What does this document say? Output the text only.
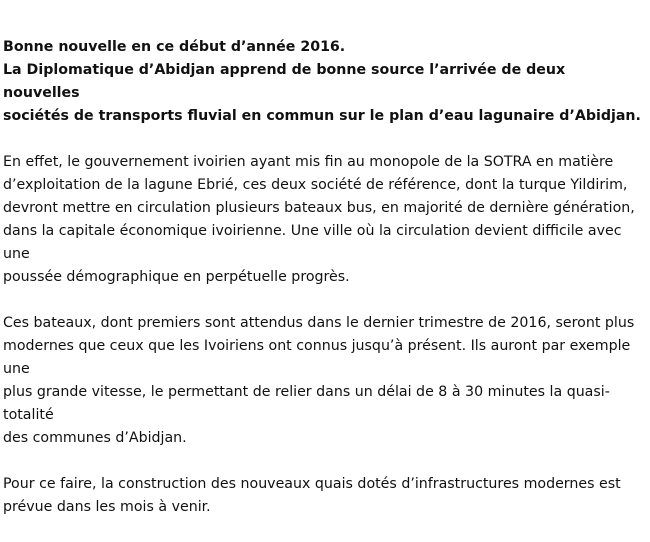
Bonne nouvelle en ce début d’année 2016.
La Diplomatique d’Abidjan apprend de bonne source l’arrivée de deux nouvelles
sociétés de transports fluvial en commun sur le plan d’eau lagunaire d’Abidjan.

En effet, le gouvernement ivoirien ayant mis fin au monopole de la SOTRA en matière
d’exploitation de la lagune Ebrié, ces deux société de référence, dont la turque Yildirim,
devront mettre en circulation plusieurs bateaux bus, en majorité de dernière génération,
dans la capitale économique ivoirienne. Une ville où la circulation devient difficile avec une
poussée démographique en perpétuelle progrès.

Ces bateaux, dont premiers sont attendus dans le dernier trimestre de 2016, seront plus
modernes que ceux que les Ivoiriens ont connus jusqu’à présent. Ils auront par exemple une
plus grande vitesse, le permettant de relier dans un délai de 8 à 30 minutes la quasi- totalité
des communes d’Abidjan.

Pour ce faire, la construction des nouveaux quais dotés d’infrastructures modernes est
prévue dans les mois à venir.
